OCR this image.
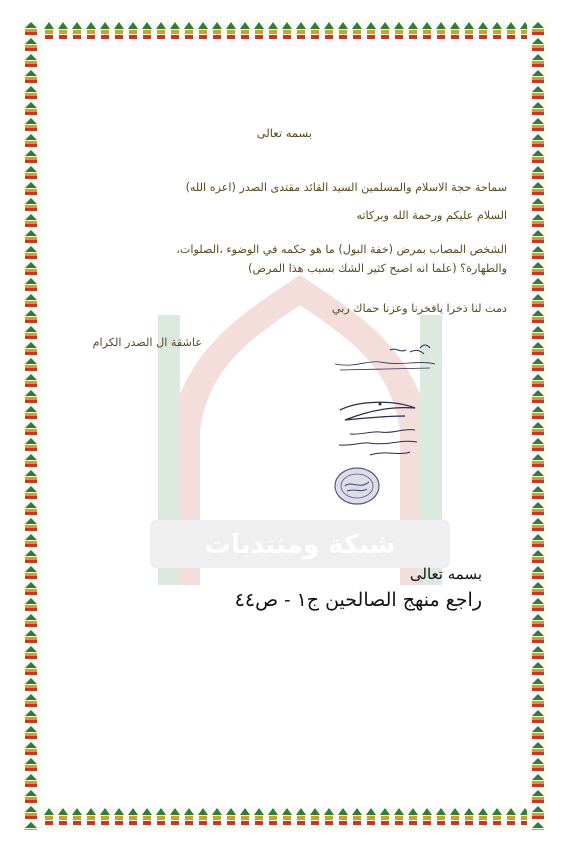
شبكة ومنتديات
بسمه تعالى
سماحة حجة الاسلام والمسلمين السيد القائد مقتدى الصدر (اعزه الله)
السلام عليكم ورحمة الله وبركاته
الشخص المصاب بمرض (خفة البول) ما هو حكمه في الوضوء ،الصلوات،
والطهارة؟ (علما انه اصبح كثير الشك بسبب هذا المرض)
دمت لنا ذخرا يافخرنا وعزنا حماك ربي
عاشقة ال الصدر الكرام
بسمه تعالى
راجع منهج الصالحين ج١ - ص٤٤
